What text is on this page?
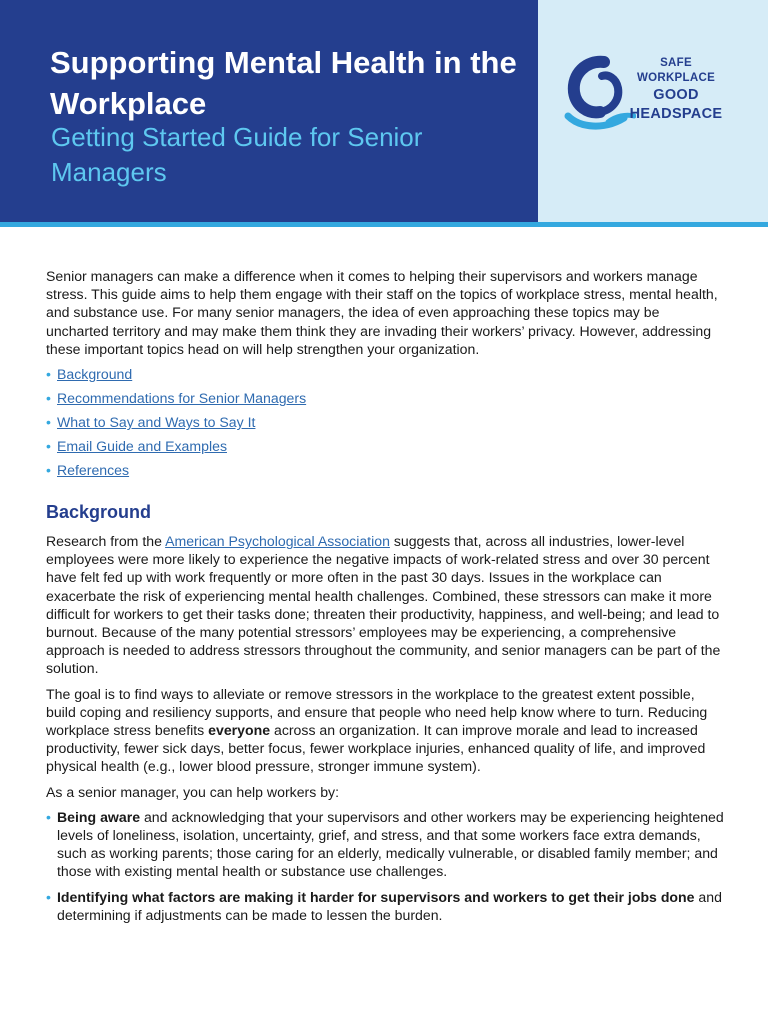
Supporting Mental Health in the Workplace
Getting Started Guide for Senior Managers
SAFE
WORKPLACE
GOOD
HEADSPACE

Senior managers can make a difference when it comes to helping their supervisors and workers manage stress. This guide aims to help them engage with their staff on the topics of workplace stress, mental health, and substance use. For many senior managers, the idea of even approaching these topics may be uncharted territory and may make them think they are invading their workers’ privacy. However, addressing these important topics head on will help strengthen your organization.

• Background
• Recommendations for Senior Managers
• What to Say and Ways to Say It
• Email Guide and Examples
• References
Background

Research from the American Psychological Association suggests that, across all industries, lower-level employees were more likely to experience the negative impacts of work-related stress and over 30 percent have felt fed up with work frequently or more often in the past 30 days. Issues in the workplace can exacerbate the risk of experiencing mental health challenges. Combined, these stressors can make it more difficult for workers to get their tasks done; threaten their productivity, happiness, and well-being; and lead to burnout. Because of the many potential stressors’ employees may be experiencing, a comprehensive approach is needed to address stressors throughout the community, and senior managers can be part of the solution.

The goal is to find ways to alleviate or remove stressors in the workplace to the greatest extent possible, build coping and resiliency supports, and ensure that people who need help know where to turn. Reducing workplace stress benefits everyone across an organization. It can improve morale and lead to increased productivity, fewer sick days, better focus, fewer workplace injuries, enhanced quality of life, and improved physical health (e.g., lower blood pressure, stronger immune system).

As a senior manager, you can help workers by:

• Being aware and acknowledging that your supervisors and other workers may be experiencing heightened levels of loneliness, isolation, uncertainty, grief, and stress, and that some workers face extra demands, such as working parents; those caring for an elderly, medically vulnerable, or disabled family member; and those with existing mental health or substance use challenges.
• Identifying what factors are making it harder for supervisors and workers to get their jobs done and determining if adjustments can be made to lessen the burden.
